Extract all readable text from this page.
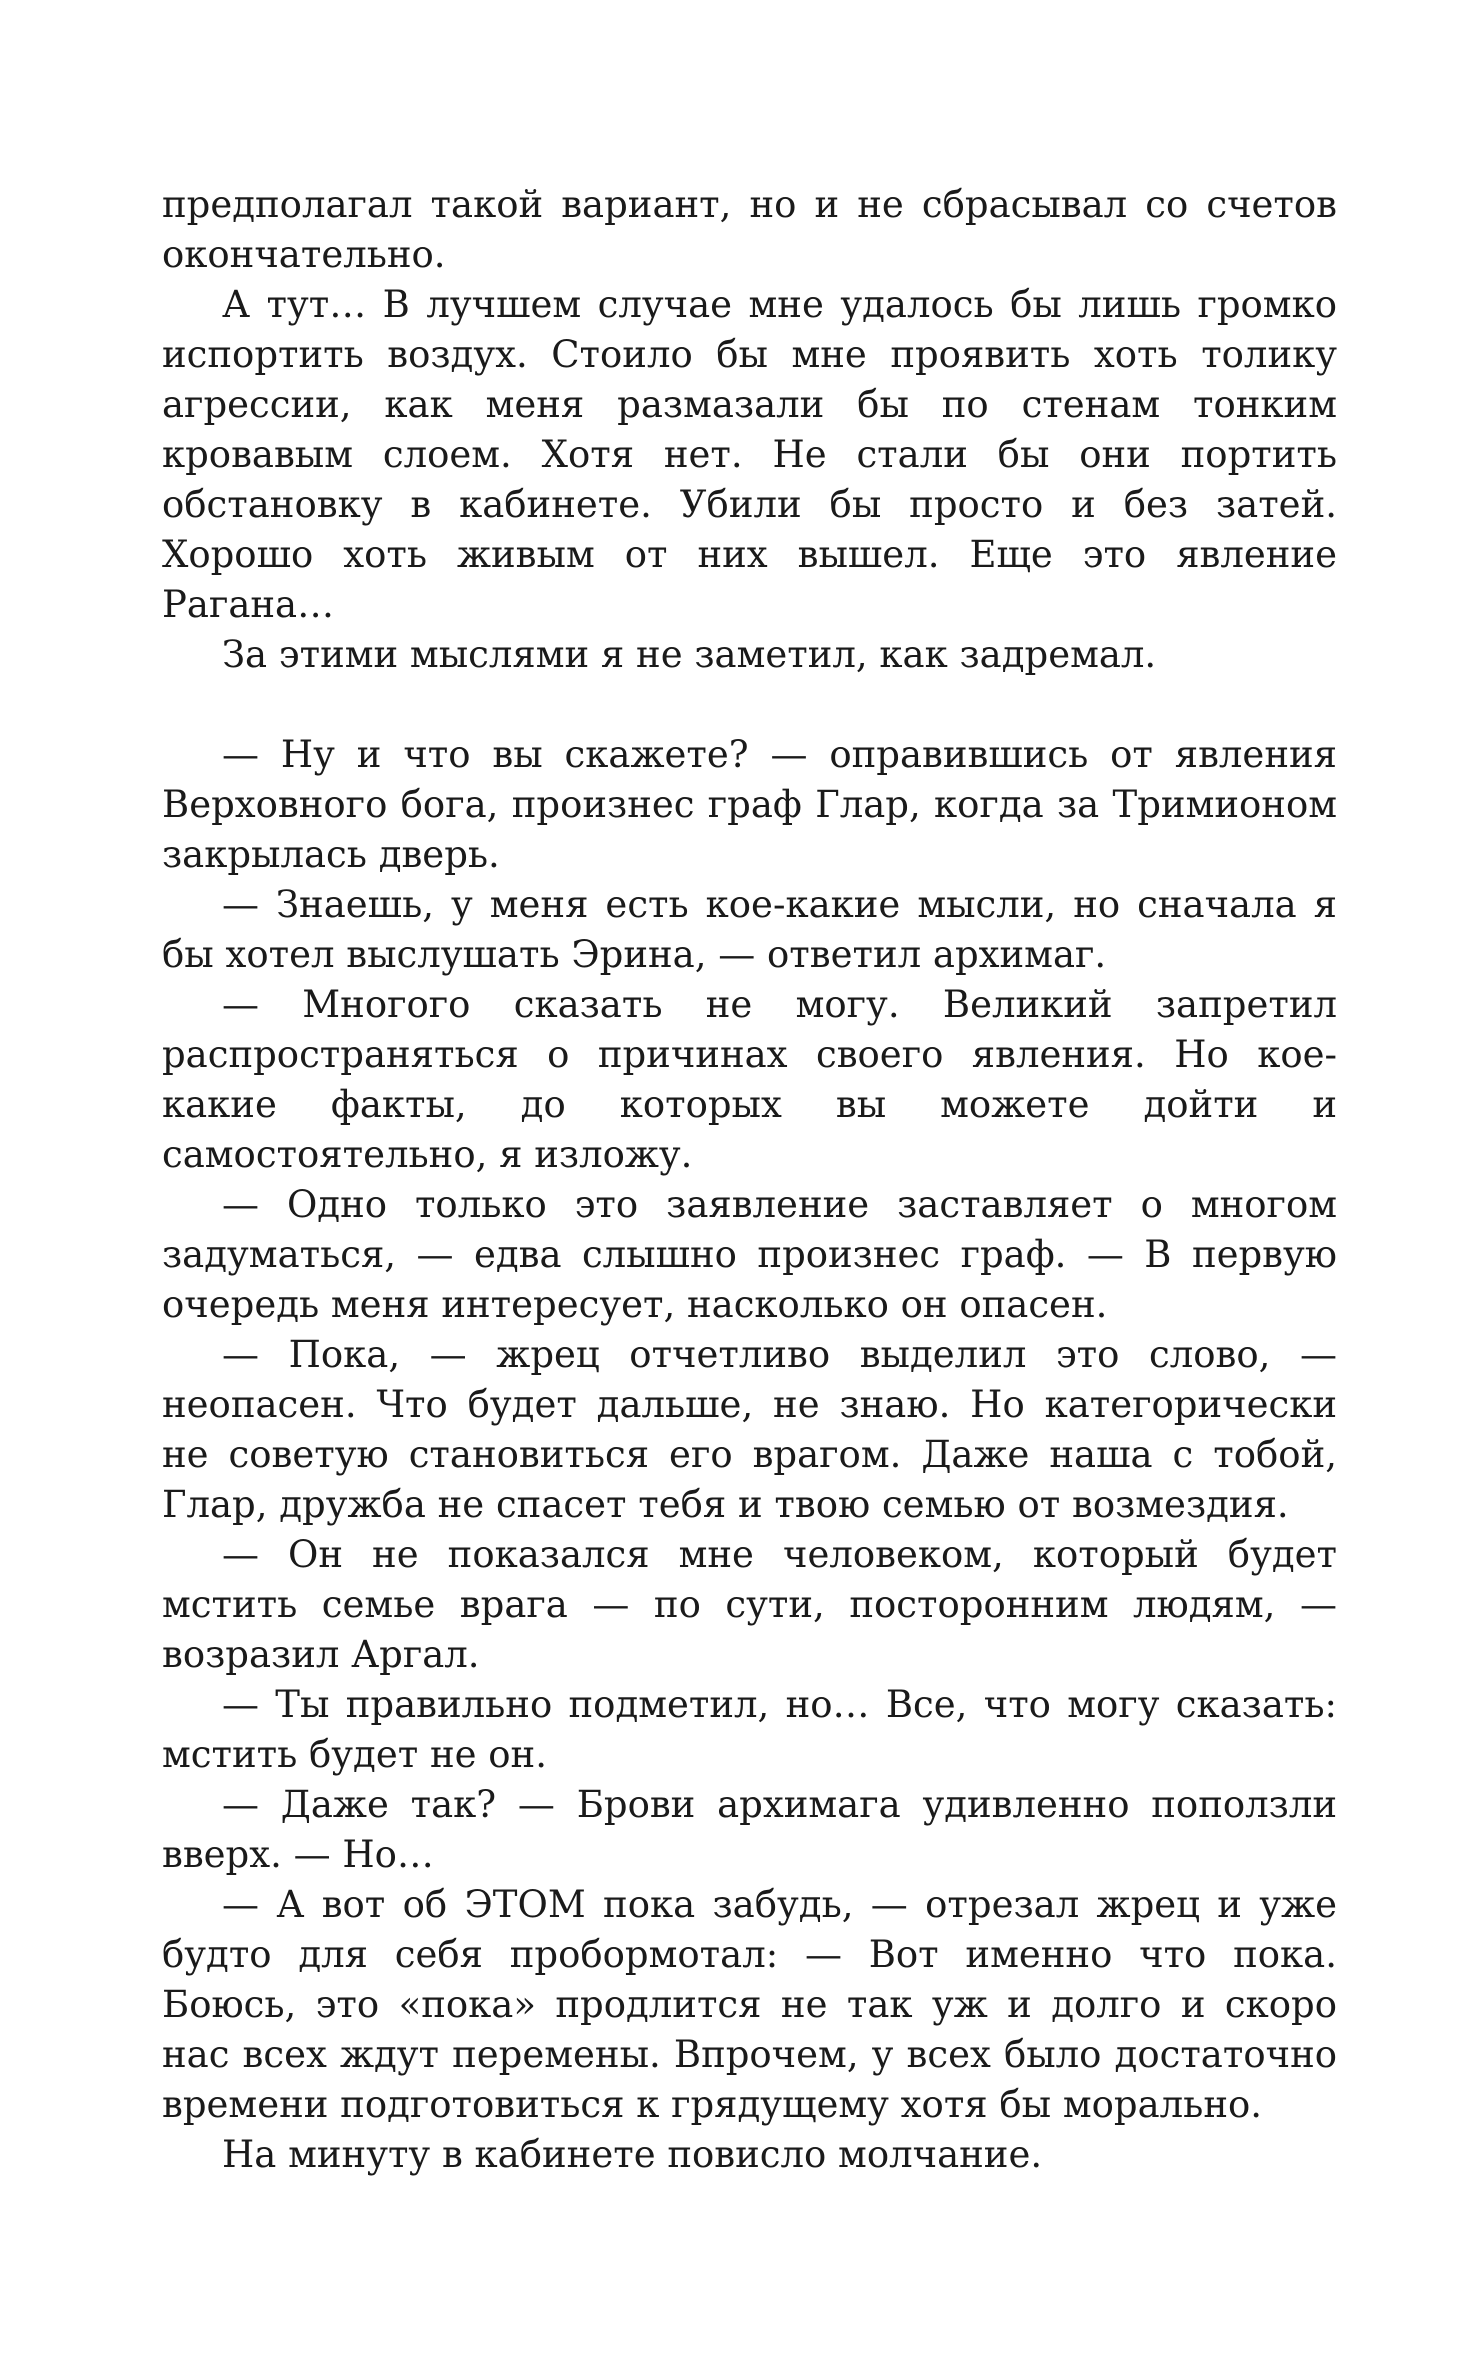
предполагал такой вариант, но и не сбрасывал со счетов окончательно.

А тут… В лучшем случае мне удалось бы лишь громко испортить воздух. Стоило бы мне проявить хоть толику агрессии, как меня размазали бы по стенам тонким кровавым слоем. Хотя нет. Не стали бы они портить обстановку в кабинете. Убили бы просто и без затей. Хорошо хоть живым от них вышел. Еще это явление Рагана…

За этими мыслями я не заметил, как задремал.

— Ну и что вы скажете? — оправившись от явления Верховного бога, произнес граф Глар, когда за Тримионом закрылась дверь.

— Знаешь, у меня есть кое-какие мысли, но сначала я бы хотел выслушать Эрина, — ответил архимаг.

— Многого сказать не могу. Великий запретил распространяться о причинах своего явления. Но кое-какие факты, до которых вы можете дойти и самостоятельно, я изложу.

— Одно только это заявление заставляет о многом задуматься, — едва слышно произнес граф. — В первую очередь меня интересует, насколько он опасен.

— Пока, — жрец отчетливо выделил это слово, — неопасен. Что будет дальше, не знаю. Но категорически не советую становиться его врагом. Даже наша с тобой, Глар, дружба не спасет тебя и твою семью от возмездия.

— Он не показался мне человеком, который будет мстить семье врага — по сути, посторонним людям, — возразил Аргал.

— Ты правильно подметил, но… Все, что могу сказать: мстить будет не он.

— Даже так? — Брови архимага удивленно поползли вверх. — Но…

— А вот об ЭТОМ пока забудь, — отрезал жрец и уже будто для себя пробормотал: — Вот именно что пока. Боюсь, это «пока» продлится не так уж и долго и скоро нас всех ждут перемены. Впрочем, у всех было достаточно времени подготовиться к грядущему хотя бы морально.

На минуту в кабинете повисло молчание.
